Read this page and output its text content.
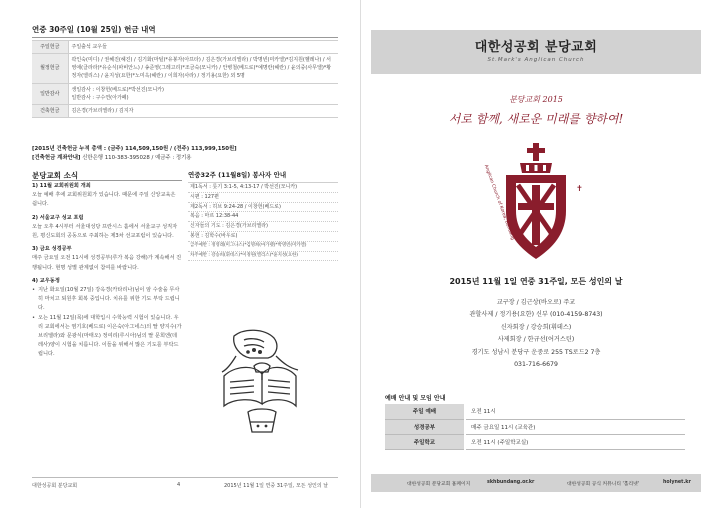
연중 30주일 (10월 25일) 헌금 내역
주일헌금	주일출석 교우들
월정헌금	곽인숙(미디) / 권혜진(헤진) / 김기화(마틸)*유봉자(아프타) / 김은경(가브리엘라) / 박명빈(미카엘)*김지원(헬레나) / 서영애(클라라)*유순식(파비안느) / 송준영(그레고리)*조금숙(모니카) / 안병철(베드로)*예명란(헤란) / 윤의중(사무엘)*황정자(엘리스) / 윤지성(요한)*노미옥(헤란) / 이희자(사라) / 정기용(요한) 외 5명
일반감사	생일감사 : 이창헌(베드로)*박선진(모니카)
일반감사 : 구수연(아가페)
건축헌금	김은경(가브리엘라) / 김지자
[2015년 건축헌금 누적 총액 : (금주) 114,509,150원 / (전주) 113,999,150원]
[건축헌금 계좌안내] 신한은행 110-383-395028 / 예금주 : 정기용
분당교회 소식
1) 11월 교회위원회 개최
오늘 예배 후에 교회위원회가 있습니다. 때문에 주일 신앙교육은 쉽니다.
2) 서울교구 성교 포럼
오늘 오후 4시부터 서울대성당 프란시스 홀에서 서울교구 성직자원, 평신도회의 공동으로 주최하는 제3차 선교포럼이 있습니다.
3) 금요 성경공부
매주 금요일 오전 11시에 성경공부(루가 복음 강해)가 계속해서 진행됩니다. 현명 성별 관계없이 참여를 바랍니다.
4) 교우동정
• 지난 화요일(10월 27일) 강옥경(카타리나)님이 암 수술을 무사히 마치고 퇴원후 회복 중입니다. 치유를 위한 기도 부탁 드립니다.
• 오는 11월 12일(목)에 대학입시 수학능력 시험이 있습니다. 우리 교회에서는 염기호(베드로) 이은숙(아그네스)의 딸 양지수(가브리엘라)와 문광식(마태오) 정여리(루시아)님의 딸 문희엔(데레사)양이 시험을 치릅니다. 이들을 위해서 많은 기도를 부탁드립니다.
연중32주 (11월8일) 봉사자 안내
제1독서 : 룻기 3:1-5, 4:13-17 / 박선진(모니카)
시편 : 127편
제2독서 : 히브 9:24-28 / 이창헌(베드로)
복음 : 마르 12:38-44
신자들의 기도 : 김은경(가브리엘라)
봉헌 : 김학수(바우로)
급주예반 : 정영례(미그나스)*김명희(마가렛)*박명빈(미카엘)
차주예반 : 강승희(휘데스)*이정원(엘리스)*윤지성(요한)
대한성공회 분당교회	4	2015년 11월 1일 연중 31주일, 모든 성인의 날
대한성공회 분당교회
St.Mark's Anglican Church
분당교회 2015
서로 함께, 새로운 미래를 향하여!
Anglican Church of Korea, Bundang	✝
2015년 11월 1일 연중 31주일, 모든 성인의 날
교구장 / 김근상(바오로) 주교
관할사제 / 정기용(요한) 신부 (010-4159-8743)
신자회장 / 강승희(휘데스)
사제회장 / 한규선(어거스틴)
경기도 성남시 분당구 운중로 255 TS로드2 7층
031-716-6679
예배 안내 및 모임 안내
주일 예배	오전 11시
성경공부	매주 금요일 11시 (교육관)
주일학교	오전 11시 (주일학교실)
대한성공회 분당교회 홈페이지	skhbundang.or.kr	대한성공회 공식 커뮤니티 '홀리넷'	holynet.kr
